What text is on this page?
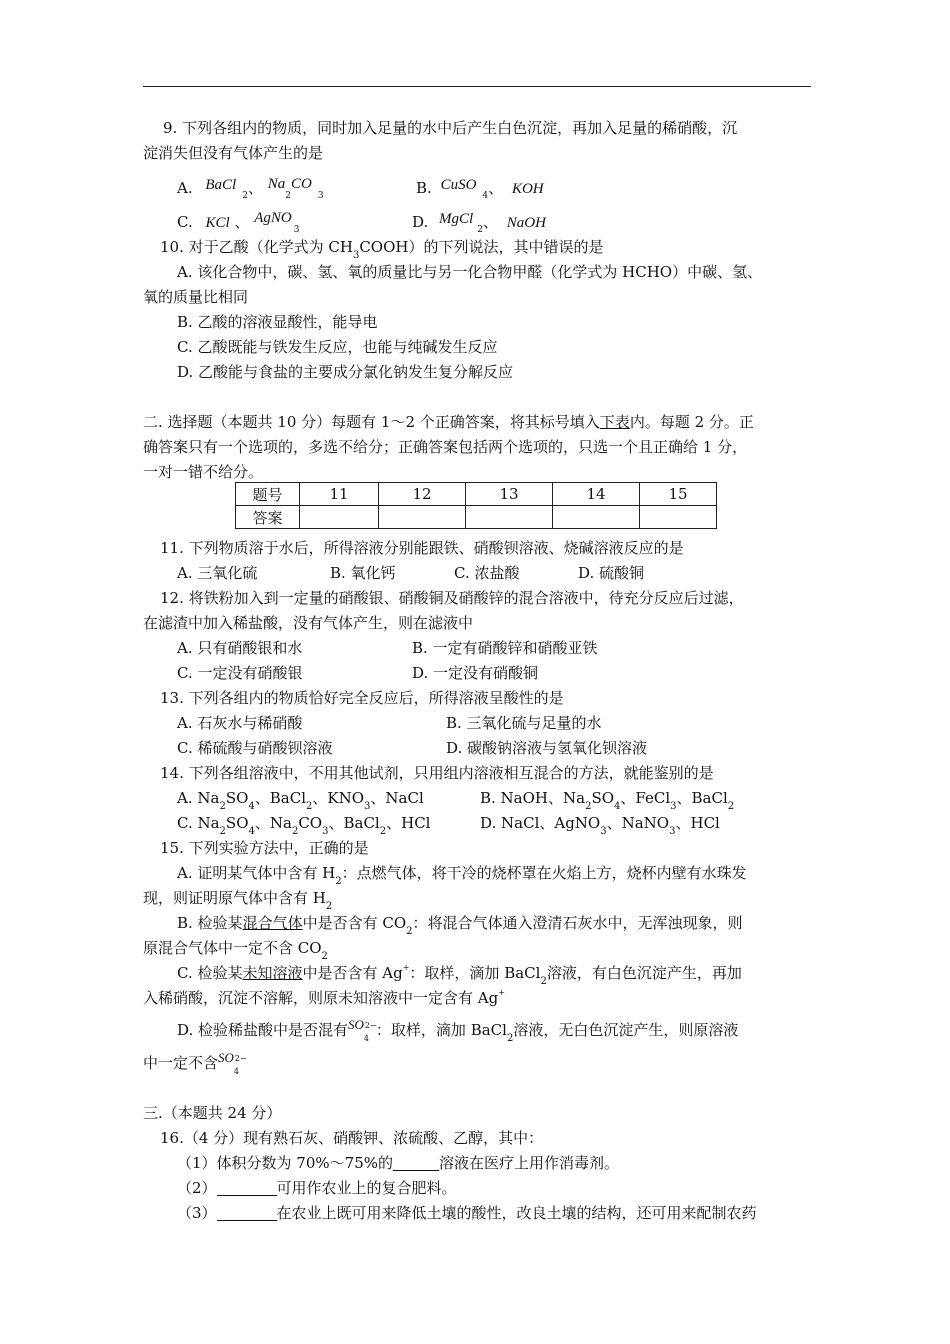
9. 下列各组内的物质，同时加入足量的水中后产生白色沉淀，再加入足量的稀硝酸，沉
淀消失但没有气体产生的是
A. BaCl$_2$、 $Na_2CO_3$	B. CuSO$_4$、 KOH
C. KCl 、 AgNO$_3$	D. MgCl$_2$、 NaOH
10. 对于乙酸（化学式为 $CH_3COOH$）的下列说法，其中错误的是
A. 该化合物中，碳、氢、氧的质量比与另一化合物甲醛（化学式为 HCHO）中碳、氢、
氧的质量比相同
B. 乙酸的溶液显酸性，能导电
C. 乙酸既能与铁发生反应，也能与纯碱发生反应
D. 乙酸能与食盐的主要成分氯化钠发生复分解反应
二. 选择题（本题共 10 分）每题有 1～2 个正确答案，将其标号填入下表内。每题 2 分。正
确答案只有一个选项的，多选不给分；正确答案包括两个选项的，只选一个且正确给 1 分，
一对一错不给分。
题号	11	12	13	14	15
答案					
11. 下列物质溶于水后，所得溶液分别能跟铁、硝酸钡溶液、烧碱溶液反应的是
A. 三氧化硫	B. 氧化钙	C. 浓盐酸	D. 硫酸铜
12. 将铁粉加入到一定量的硝酸银、硝酸铜及硝酸锌的混合溶液中，待充分反应后过滤，
在滤渣中加入稀盐酸，没有气体产生，则在滤液中
A. 只有硝酸银和水	B. 一定有硝酸锌和硝酸亚铁
C. 一定没有硝酸银	D. 一定没有硝酸铜
13. 下列各组内的物质恰好完全反应后，所得溶液呈酸性的是
A. 石灰水与稀硝酸	B. 三氧化硫与足量的水
C. 稀硫酸与硝酸钡溶液	D. 碳酸钠溶液与氢氧化钡溶液
14. 下列各组溶液中，不用其他试剂，只用组内溶液相互混合的方法，就能鉴别的是
A. $Na_2SO_4$、BaCl$_2$、$KNO_3$、NaCl	B. NaOH、$Na_2SO_4$、FeCl$_3$、BaCl$_2$
C. $Na_2SO_4$、$Na_2CO_3$、BaCl$_2$、HCl	D. NaCl、AgNO$_3$、NaNO$_3$、HCl
15. 下列实验方法中，正确的是
A. 证明某气体中含有 $H_2$：点燃气体，将干冷的烧杯罩在火焰上方，烧杯内壁有水珠发
现，则证明原气体中含有 $H_2$
B. 检验某混合气体中是否含有 $CO_2$：将混合气体通入澄清石灰水中，无浑浊现象，则
原混合气体中一定不含 $CO_2$
C. 检验某未知溶液中是否含有 Ag+：取样，滴加 BaCl$_2$溶液，有白色沉淀产生，再加
入稀硝酸，沉淀不溶解，则原未知溶液中一定含有 Ag+
D. 检验稀盐酸中是否混有SO 2−
4 ：取样，滴加 BaCl$_2$溶液，无白色沉淀产生，则原溶液
中一定不含SO 2−
4
三.（本题共 24 分）
16.（4 分）现有熟石灰、硝酸钾、浓硫酸、乙醇，其中：
（1）体积分数为 70%～75%的	溶液在医疗上用作消毒剂。
（2）	可用作农业上的复合肥料。
（3）	在农业上既可用来降低土壤的酸性，改良土壤的结构，还可用来配制农药
